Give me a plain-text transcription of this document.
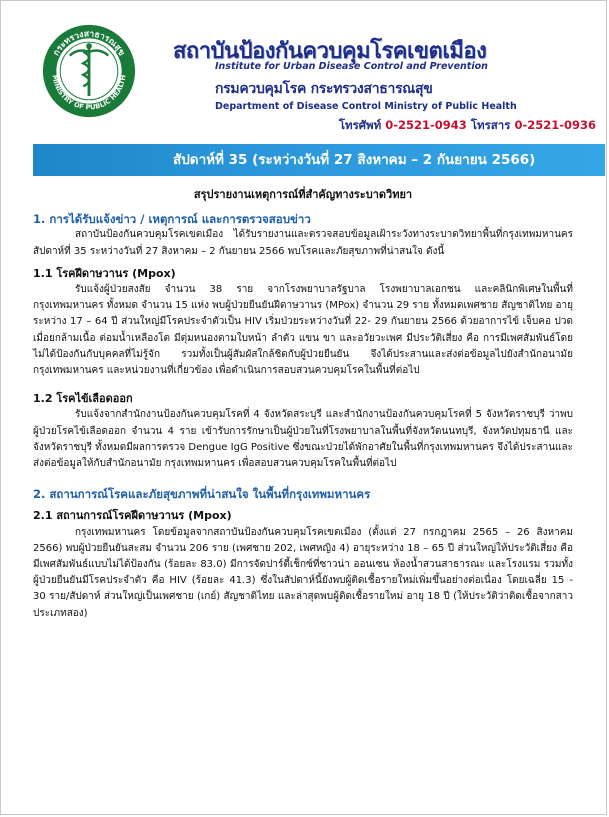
กระทรวงสาธารณสุข
MINISTRY OF PUBLIC HEALTH
สถาบันป้องกันควบคุมโรคเขตเมือง
Institute for Urban Disease Control and Prevention
กรมควบคุมโรค กระทรวงสาธารณสุข
Department of Disease Control Ministry of Public Health
โทรศัพท์ 0-2521-0943 โทรสาร 0-2521-0936
สัปดาห์ที่ 35 (ระหว่างวันที่ 27 สิงหาคม – 2 กันยายน 2566)
สรุปรายงานเหตุการณ์ที่สำคัญทางระบาดวิทยา
1. การได้รับแจ้งข่าว / เหตุการณ์ และการตรวจสอบข่าว

สถาบันป้องกันควบคุมโรคเขตเมือง ได้รับรายงานและตรวจสอบข้อมูลเฝ้าระวังทางระบาดวิทยาพื้นที่กรุงเทพมหานคร สัปดาห์ที่ 35 ระหว่างวันที่ 27 สิงหาคม – 2 กันยายน 2566 พบโรคและภัยสุขภาพที่น่าสนใจ ดังนี้

1.1 โรคฝีดาษวานร (Mpox)

รับแจ้งผู้ป่วยสงสัย จำนวน 38 ราย จากโรงพยาบาลรัฐบาล โรงพยาบาลเอกชน และคลินิกพิเศษในพื้นที่กรุงเทพมหานคร ทั้งหมด จำนวน 15 แห่ง พบผู้ป่วยยืนยันฝีดาษวานร (MPox) จำนวน 29 ราย ทั้งหมดเพศชาย สัญชาติไทย อายุระหว่าง 17 – 64 ปี ส่วนใหญ่มีโรคประจำตัวเป็น HIV เริ่มป่วยระหว่างวันที่ 22- 29 กันยายน 2566 ด้วยอาการไข้ เจ็บคอ ปวดเมื่อยกล้ามเนื้อ ต่อมน้ำเหลืองโต มีตุ่มหนองตามใบหน้า ลำตัว แขน ขา และอวัยวะเพศ มีประวัติเสี่ยง คือ การมีเพศสัมพันธ์โดยไม่ได้ป้องกันกับบุคคลที่ไม่รู้จัก รวมทั้งเป็นผู้สัมผัสใกล้ชิดกับผู้ป่วยยืนยัน จึงได้ประสานและส่งต่อข้อมูลไปยังสำนักอนามัย กรุงเทพมหานคร และหน่วยงานที่เกี่ยวข้อง เพื่อดำเนินการสอบสวนควบคุมโรคในพื้นที่ต่อไป

1.2 โรคไข้เลือดออก

รับแจ้งจากสำนักงานป้องกันควบคุมโรคที่ 4 จังหวัดสระบุรี และสำนักงานป้องกันควบคุมโรคที่ 5 จังหวัดราชบุรี ว่าพบผู้ป่วยโรคไข้เลือดออก จำนวน 4 ราย เข้ารับการรักษาเป็นผู้ป่วยในที่โรงพยาบาลในพื้นที่จังหวัดนนทบุรี, จังหวัดปทุมธานี และจังหวัดราชบุรี ทั้งหมดมีผลการตรวจ Dengue IgG Positive ซึ่งขณะป่วยได้พักอาศัยในพื้นที่กรุงเทพมหานคร จึงได้ประสานและส่งต่อข้อมูลให้กับสำนักอนามัย กรุงเทพมหานคร เพื่อสอบสวนควบคุมโรคในพื้นที่ต่อไป

2. สถานการณ์โรคและภัยสุขภาพที่น่าสนใจ ในพื้นที่กรุงเทพมหานคร
2.1 สถานการณ์โรคฝีดาษวานร (Mpox)

กรุงเทพมหานคร โดยข้อมูลจากสถาบันป้องกันควบคุมโรคเขตเมือง (ตั้งแต่ 27 กรกฎาคม 2565 – 26 สิงหาคม 2566) พบผู้ป่วยยืนยันสะสม จำนวน 206 ราย (เพศชาย 202, เพศหญิง 4) อายุระหว่าง 18 – 65 ปี ส่วนใหญ่ให้ประวัติเสี่ยง คือ มีเพศสัมพันธ์แบบไม่ได้ป้องกัน (ร้อยละ 83.0) มีการจัดปาร์ตี้เช็กซ์ที่ซาวน่า ออนเซน ห้องน้ำสวนสาธารณะ และโรงแรม รวมทั้งผู้ป่วยยืนยันมีโรคประจำตัว คือ HIV (ร้อยละ 41.3) ซึ่งในสัปดาห์นี้ยังพบผู้ติดเชื้อรายใหม่เพิ่มขึ้นอย่างต่อเนื่อง โดยเฉลี่ย 15 - 30 ราย/สัปดาห์ ส่วนใหญ่เป็นเพศชาย (เกย์) สัญชาติไทย และล่าสุดพบผู้ติดเชื้อรายใหม่ อายุ 18 ปี (ให้ประวัติว่าติดเชื้อจากสาวประเภทสอง)
